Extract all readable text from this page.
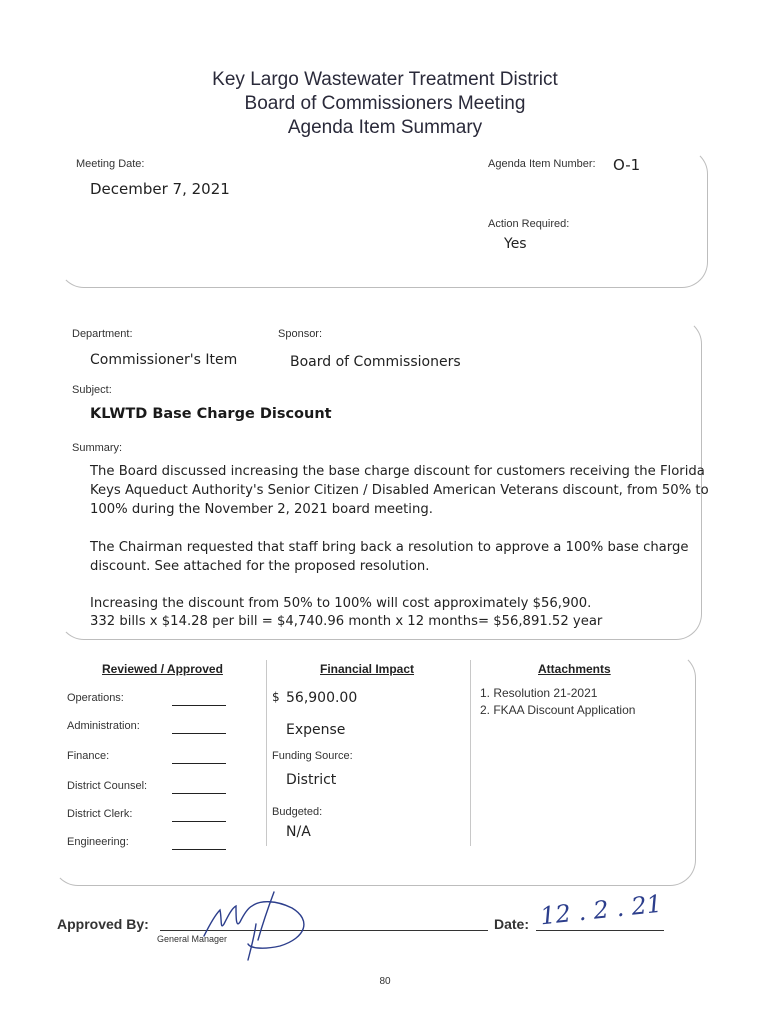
Key Largo Wastewater Treatment District
Board of Commissioners Meeting
Agenda Item Summary
Meeting Date:
December 7, 2021
Agenda Item Number: O-1
Action Required:
Yes
Department:
Commissioner's Item
Sponsor:
Board of Commissioners
Subject:
KLWTD Base Charge Discount
Summary:
The Board discussed increasing the base charge discount for customers receiving the Florida Keys Aqueduct Authority's Senior Citizen / Disabled American Veterans discount, from 50% to 100% during the November 2, 2021 board meeting.
The Chairman requested that staff bring back a resolution to approve a 100% base charge discount. See attached for the proposed resolution.
Increasing the discount from 50% to 100% will cost approximately $56,900.
332 bills x $14.28 per bill = $4,740.96 month x 12 months= $56,891.52 year
Reviewed / Approved	Financial Impact	Attachments
Operations:
Administration:
Finance:
District Counsel:
District Clerk:
Engineering:
$ 56,900.00
Expense
Funding Source:
District
Budgeted:
N/A
1. Resolution 21-2021
2. FKAA Discount Application
Approved By:
General Manager
Date: 12 . 2 . 21
80
